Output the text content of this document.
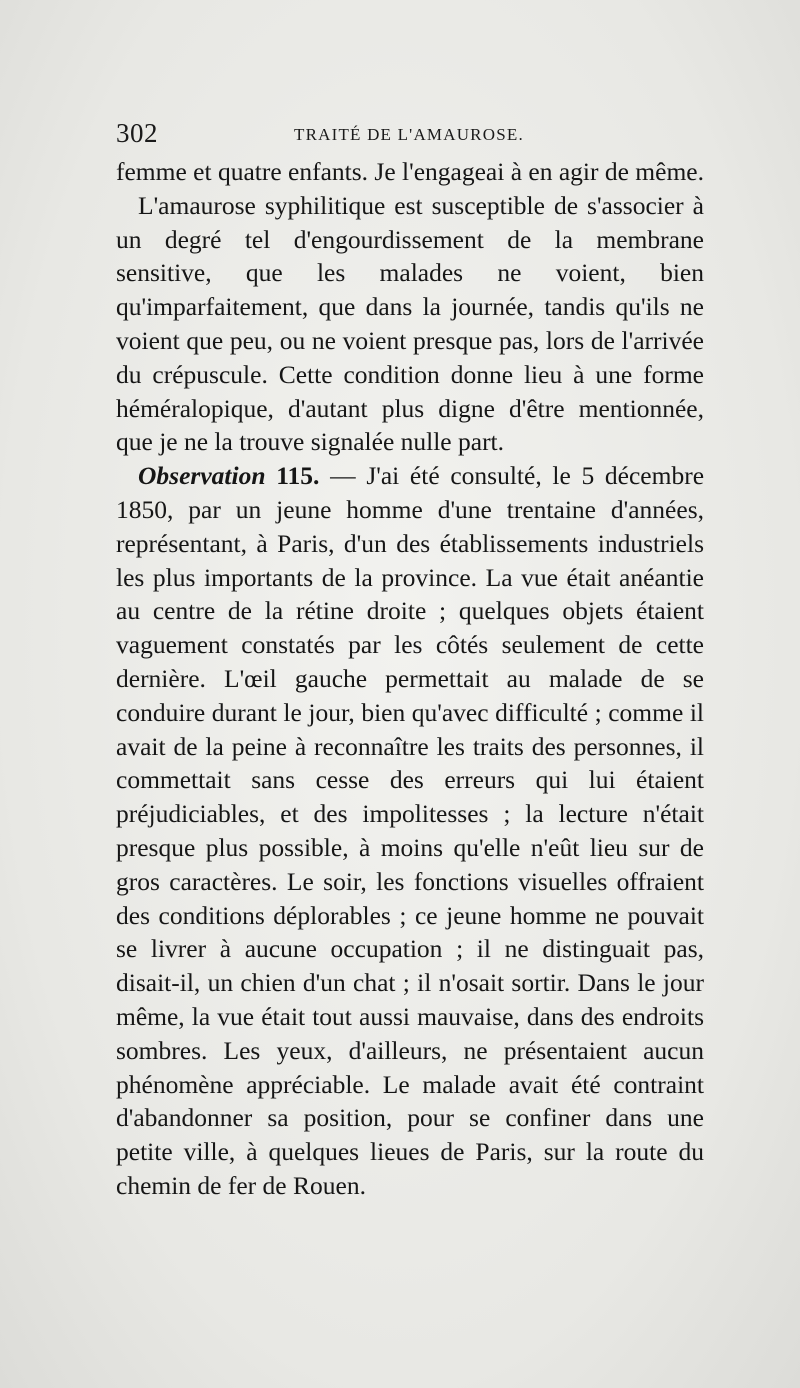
302	TRAITÉ DE L'AMAUROSE.

femme et quatre enfants. Je l'engageai à en agir de même.

L'amaurose syphilitique est susceptible de s'associer à un degré tel d'engourdissement de la membrane sensitive, que les malades ne voient, bien qu'imparfaitement, que dans la journée, tandis qu'ils ne voient que peu, ou ne voient presque pas, lors de l'arrivée du crépuscule. Cette condition donne lieu à une forme héméralopique, d'autant plus digne d'être mentionnée, que je ne la trouve signalée nulle part.

Observation 115. — J'ai été consulté, le 5 décembre 1850, par un jeune homme d'une trentaine d'années, représentant, à Paris, d'un des établissements industriels les plus importants de la province. La vue était anéantie au centre de la rétine droite ; quelques objets étaient vaguement constatés par les côtés seulement de cette dernière. L'œil gauche permettait au malade de se conduire durant le jour, bien qu'avec difficulté ; comme il avait de la peine à reconnaître les traits des personnes, il commettait sans cesse des erreurs qui lui étaient préjudiciables, et des impolitesses ; la lecture n'était presque plus possible, à moins qu'elle n'eût lieu sur de gros caractères. Le soir, les fonctions visuelles offraient des conditions déplorables ; ce jeune homme ne pouvait se livrer à aucune occupation ; il ne distinguait pas, disait-il, un chien d'un chat ; il n'osait sortir. Dans le jour même, la vue était tout aussi mauvaise, dans des endroits sombres. Les yeux, d'ailleurs, ne présentaient aucun phénomène appréciable. Le malade avait été contraint d'abandonner sa position, pour se confiner dans une petite ville, à quelques lieues de Paris, sur la route du chemin de fer de Rouen.
